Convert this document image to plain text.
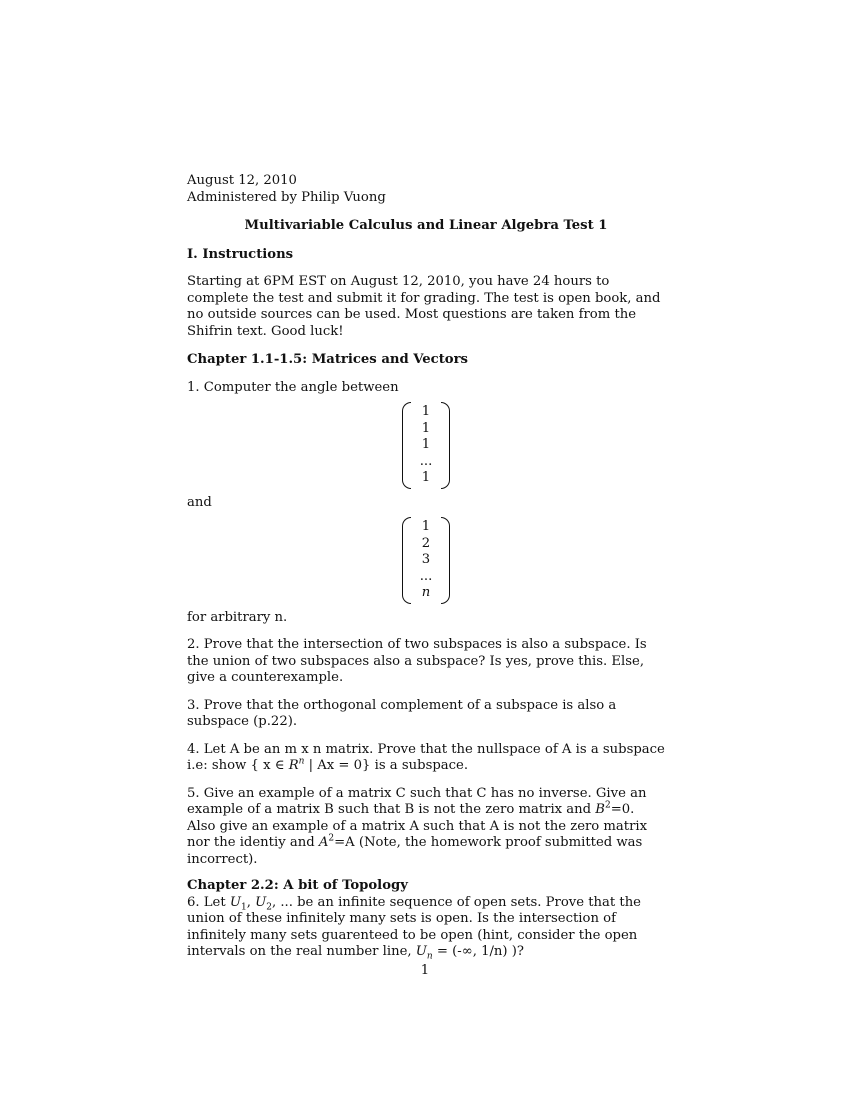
August 12, 2010

Administered by Philip Vuong

Multivariable Calculus and Linear Algebra Test 1

I. Instructions

Starting at 6PM EST on August 12, 2010, you have 24 hours to complete the test and submit it for grading. The test is open book, and no outside sources can be used. Most questions are taken from the Shifrin text. Good luck!

Chapter 1.1-1.5: Matrices and Vectors

1. Computer the angle between

1
1
1
...
1

and

1
2
3
...
n

for arbitrary n.

2. Prove that the intersection of two subspaces is also a subspace. Is the union of two subspaces also a subspace? Is yes, prove this. Else, give a counterexample.

3. Prove that the orthogonal complement of a subspace is also a subspace (p.22).

4. Let A be an m x n matrix. Prove that the nullspace of A is a subspace i.e: show { x ∈ $R^n$ | Ax = 0} is a subspace.

5. Give an example of a matrix C such that C has no inverse. Give an example of a matrix B such that B is not the zero matrix and $B^2=0$. Also give an example of a matrix A such that A is not the zero matrix nor the identiy and $A^2=A$ (Note, the homework proof submitted was incorrect).

Chapter 2.2: A bit of Topology

6. Let $U_1$, $U_2$, ... be an infinite sequence of open sets. Prove that the union of these infinitely many sets is open. Is the intersection of infinitely many sets guarenteed to be open (hint, consider the open intervals on the real number line, $U_n$ = (-∞, 1/n) )?

1
